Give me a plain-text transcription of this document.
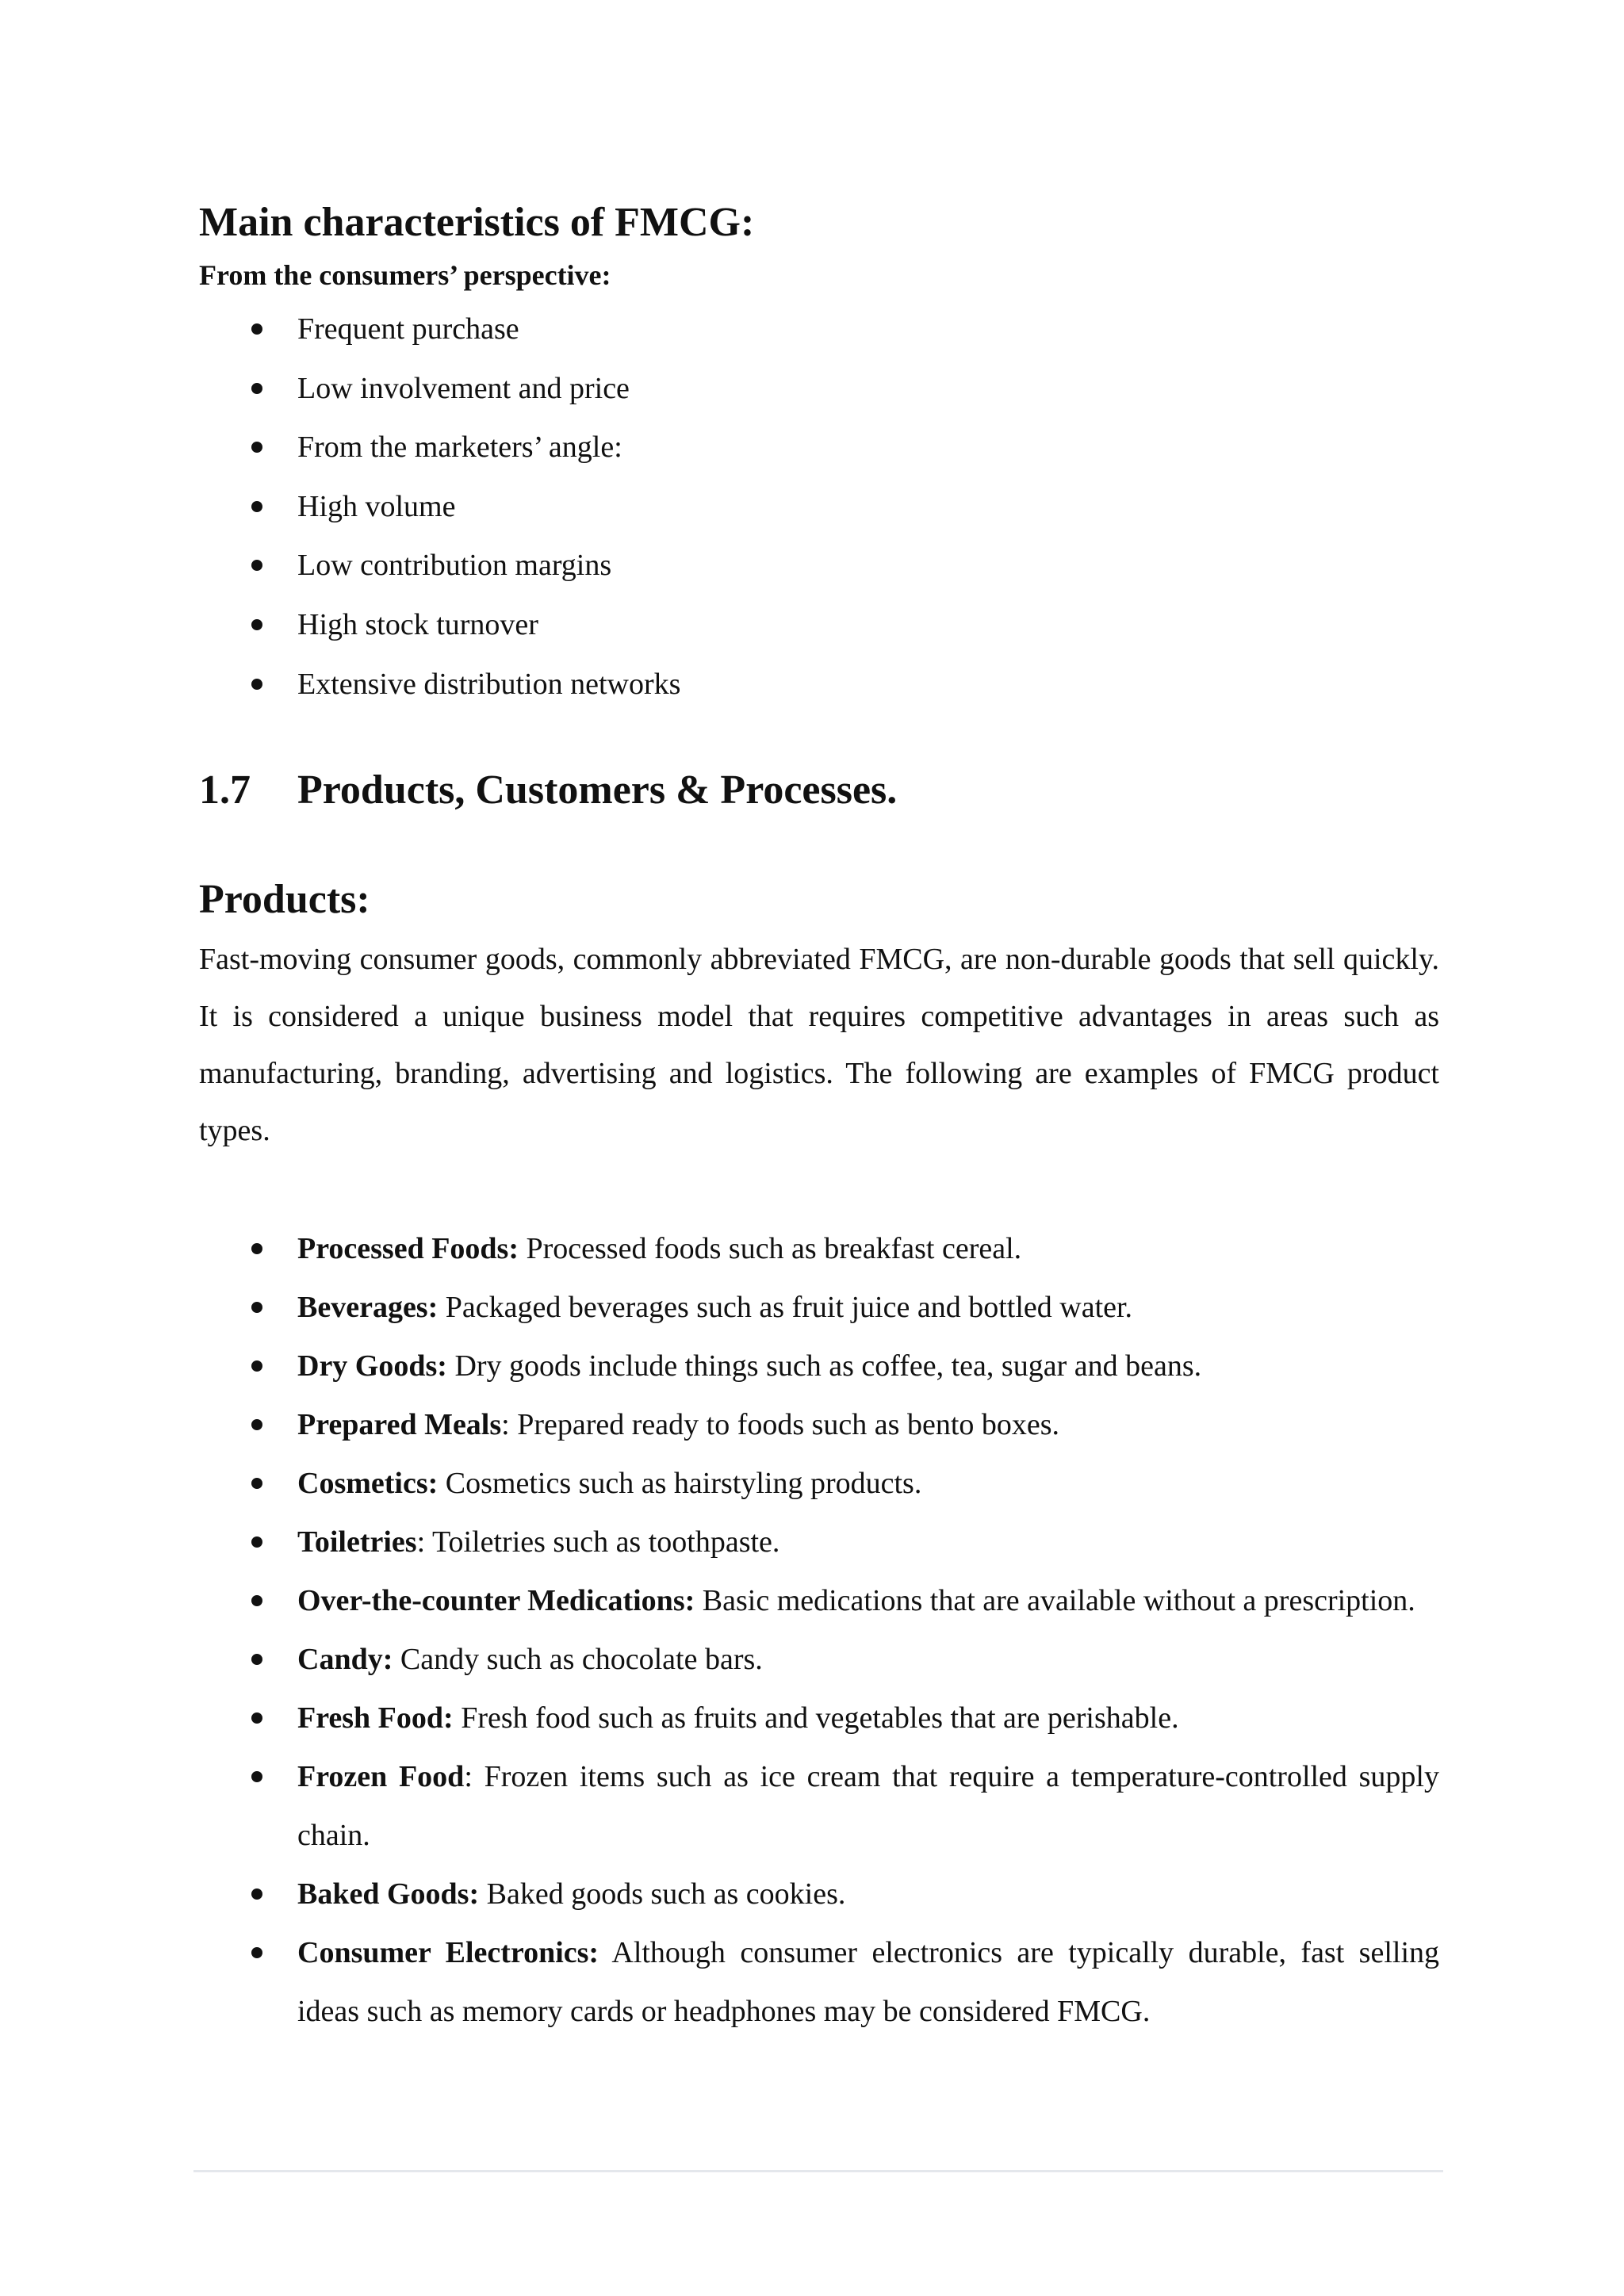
Main characteristics of FMCG:
From the consumers’ perspective:
Frequent purchase
Low involvement and price
From the marketers’ angle:
High volume
Low contribution margins
High stock turnover
Extensive distribution networks
1.7	Products, Customers & Processes.
Products:

Fast-moving consumer goods, commonly abbreviated FMCG, are non-durable goods that sell quickly. It is considered a unique business model that requires competitive advantages in areas such as manufacturing, branding, advertising and logistics. The following are examples of FMCG product types.

Processed Foods: Processed foods such as breakfast cereal.
Beverages: Packaged beverages such as fruit juice and bottled water.
Dry Goods: Dry goods include things such as coffee, tea, sugar and beans.
Prepared Meals: Prepared ready to foods such as bento boxes.
Cosmetics: Cosmetics such as hairstyling products.
Toiletries: Toiletries such as toothpaste.
Over-the-counter Medications: Basic medications that are available without a prescription.
Candy: Candy such as chocolate bars.
Fresh Food: Fresh food such as fruits and vegetables that are perishable.
Frozen Food: Frozen items such as ice cream that require a temperature-controlled supply chain.
Baked Goods: Baked goods such as cookies.
Consumer Electronics: Although consumer electronics are typically durable, fast selling ideas such as memory cards or headphones may be considered FMCG.
